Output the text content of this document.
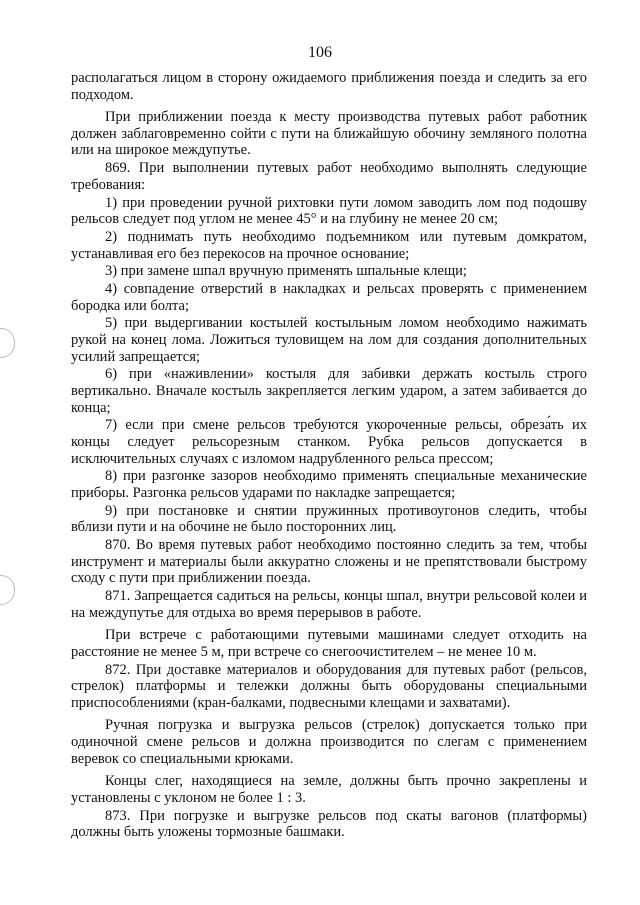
106

располагаться лицом в сторону ожидаемого приближения поезда и следить за его подходом.

При приближении поезда к месту производства путевых работ работник должен заблаговременно сойти с пути на ближайшую обочину земляного полотна или на широкое междупутье.

869. При выполнении путевых работ необходимо выполнять следующие требования:

1) при проведении ручной рихтовки пути ломом заводить лом под подошву рельсов следует под углом не менее 45° и на глубину не менее 20 см;

2) поднимать путь необходимо подъемником или путевым домкратом, устанавливая его без перекосов на прочное основание;

3) при замене шпал вручную применять шпальные клещи;

4) совпадение отверстий в накладках и рельсах проверять с применением бородка или болта;

5) при выдергивании костылей костыльным ломом необходимо нажимать рукой на конец лома. Ложиться туловищем на лом для создания дополнительных усилий запрещается;

6) при «наживлении» костыля для забивки держать костыль строго вертикально. Вначале костыль закрепляется легким ударом, а затем забивается до конца;

7) если при смене рельсов требуются укороченные рельсы, обреза́ть их концы следует рельсорезным станком. Рубка рельсов допускается в исключительных случаях с изломом надрубленного рельса прессом;

8) при разгонке зазоров необходимо применять специальные механические приборы. Разгонка рельсов ударами по накладке запрещается;

9) при постановке и снятии пружинных противоугонов следить, чтобы вблизи пути и на обочине не было посторонних лиц.

870. Во время путевых работ необходимо постоянно следить за тем, чтобы инструмент и материалы были аккуратно сложены и не препятствовали быстрому сходу с пути при приближении поезда.

871. Запрещается садиться на рельсы, концы шпал, внутри рельсовой колеи и на междупутье для отдыха во время перерывов в работе.

При встрече с работающими путевыми машинами следует отходить на расстояние не менее 5 м, при встрече со снегоочистителем – не менее 10 м.

872. При доставке материалов и оборудования для путевых работ (рельсов, стрелок) платформы и тележки должны быть оборудованы специальными приспособлениями (кран-балками, подвесными клещами и захватами).

Ручная погрузка и выгрузка рельсов (стрелок) допускается только при одиночной смене рельсов и должна производится по слегам с применением веревок со специальными крюками.

Концы слег, находящиеся на земле, должны быть прочно закреплены и установлены с уклоном не более 1 : 3.

873. При погрузке и выгрузке рельсов под скаты вагонов (платформы) должны быть уложены тормозные башмаки.
